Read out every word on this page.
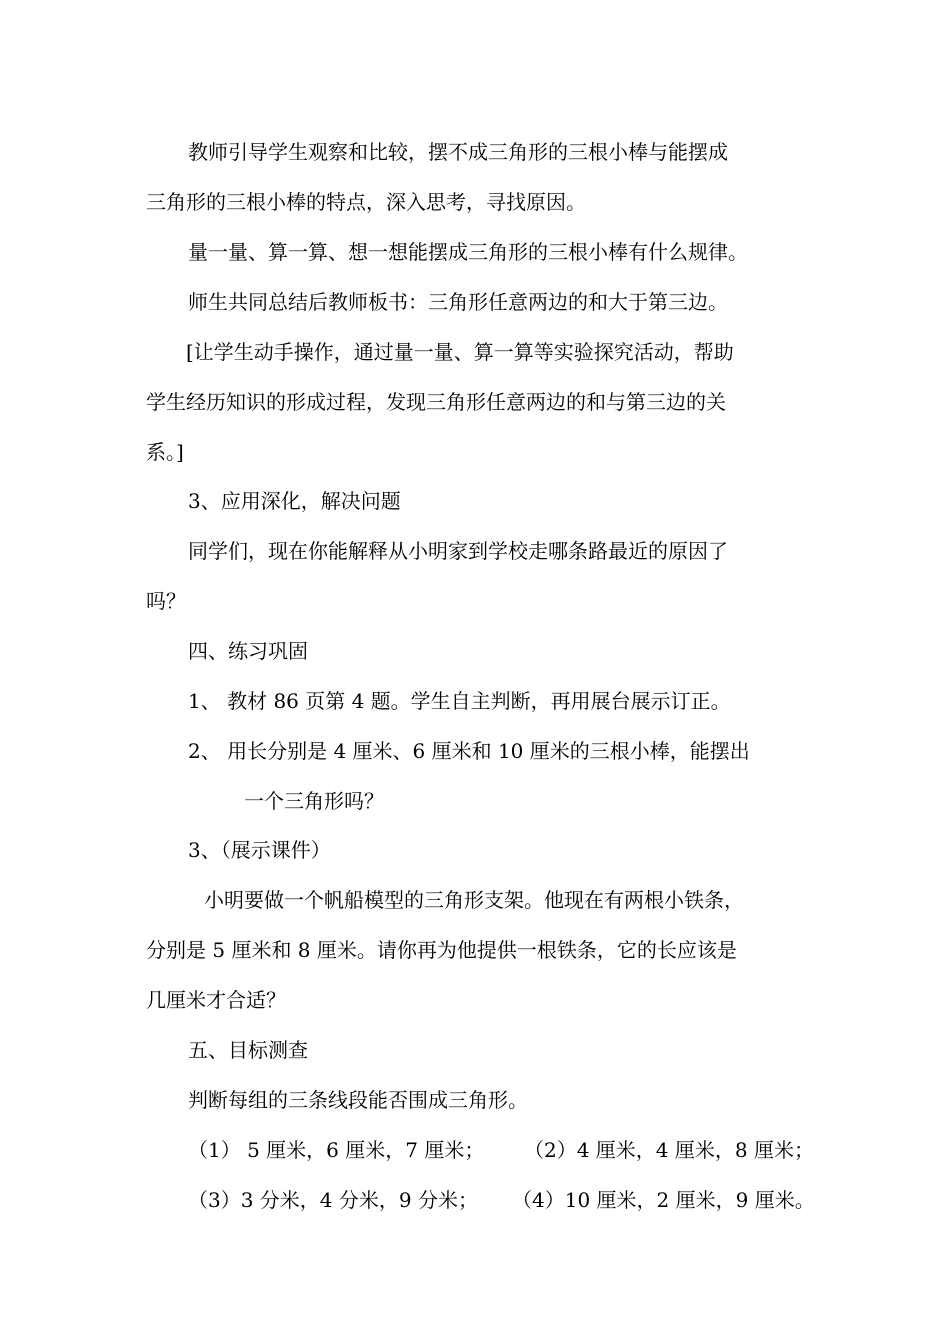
教师引导学生观察和比较，摆不成三角形的三根小棒与能摆成
三角形的三根小棒的特点，深入思考，寻找原因。
量一量、算一算、想一想能摆成三角形的三根小棒有什么规律。
师生共同总结后教师板书：三角形任意两边的和大于第三边。
[让学生动手操作，通过量一量、算一算等实验探究活动，帮助
学生经历知识的形成过程，发现三角形任意两边的和与第三边的关
系。]
3、应用深化，解决问题
同学们，现在你能解释从小明家到学校走哪条路最近的原因了
吗？
四、练习巩固
1、 教材 86 页第 4 题。学生自主判断，再用展台展示订正。
2、 用长分别是 4 厘米、6 厘米和 10 厘米的三根小棒，能摆出
一个三角形吗？
3、（展示课件）
小明要做一个帆船模型的三角形支架。他现在有两根小铁条，
分别是 5 厘米和 8 厘米。请你再为他提供一根铁条，它的长应该是
几厘米才合适？
五、目标测查
判断每组的三条线段能否围成三角形。
（1） 5 厘米，6 厘米，7 厘米； （2）4 厘米，4 厘米，8 厘米；
（3）3 分米，4 分米，9 分米； （4）10 厘米，2 厘米，9 厘米。
